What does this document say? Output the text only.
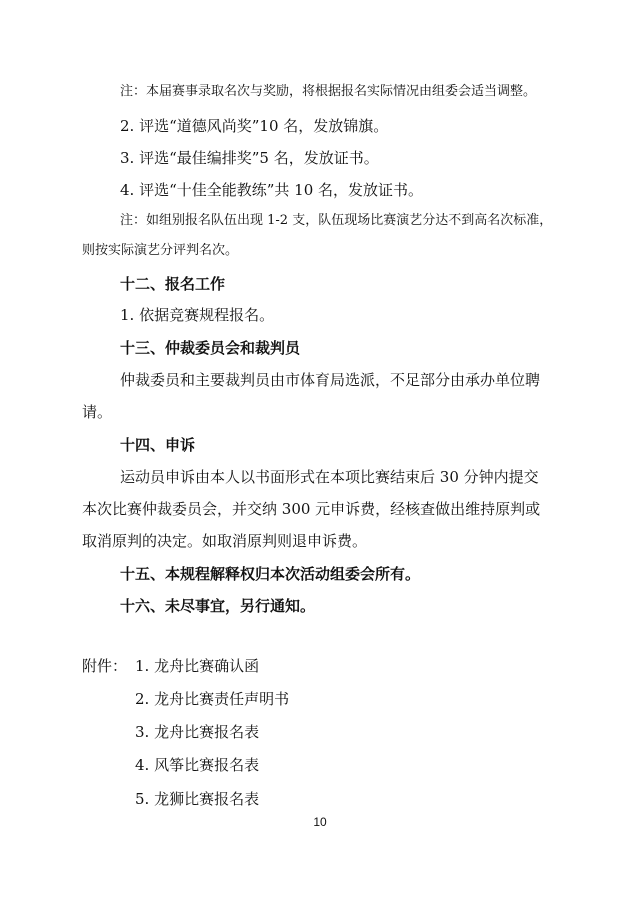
注：本届赛事录取名次与奖励，将根据报名实际情况由组委会适当调整。
2. 评选“道德风尚奖”10 名，发放锦旗。
3. 评选“最佳编排奖”5 名，发放证书。
4. 评选“十佳全能教练”共 10 名，发放证书。
注：如组别报名队伍出现 1-2 支，队伍现场比赛演艺分达不到高名次标准，
则按实际演艺分评判名次。
十二、报名工作
1. 依据竞赛规程报名。
十三、仲裁委员会和裁判员
仲裁委员和主要裁判员由市体育局选派，不足部分由承办单位聘
请。
十四、申诉
运动员申诉由本人以书面形式在本项比赛结束后 30 分钟内提交
本次比赛仲裁委员会，并交纳 300 元申诉费，经核查做出维持原判或
取消原判的决定。如取消原判则退申诉费。
十五、本规程解释权归本次活动组委会所有。
十六、未尽事宜，另行通知。
附件： 1. 龙舟比赛确认函
2. 龙舟比赛责任声明书
3. 龙舟比赛报名表
4. 风筝比赛报名表
5. 龙狮比赛报名表
10
